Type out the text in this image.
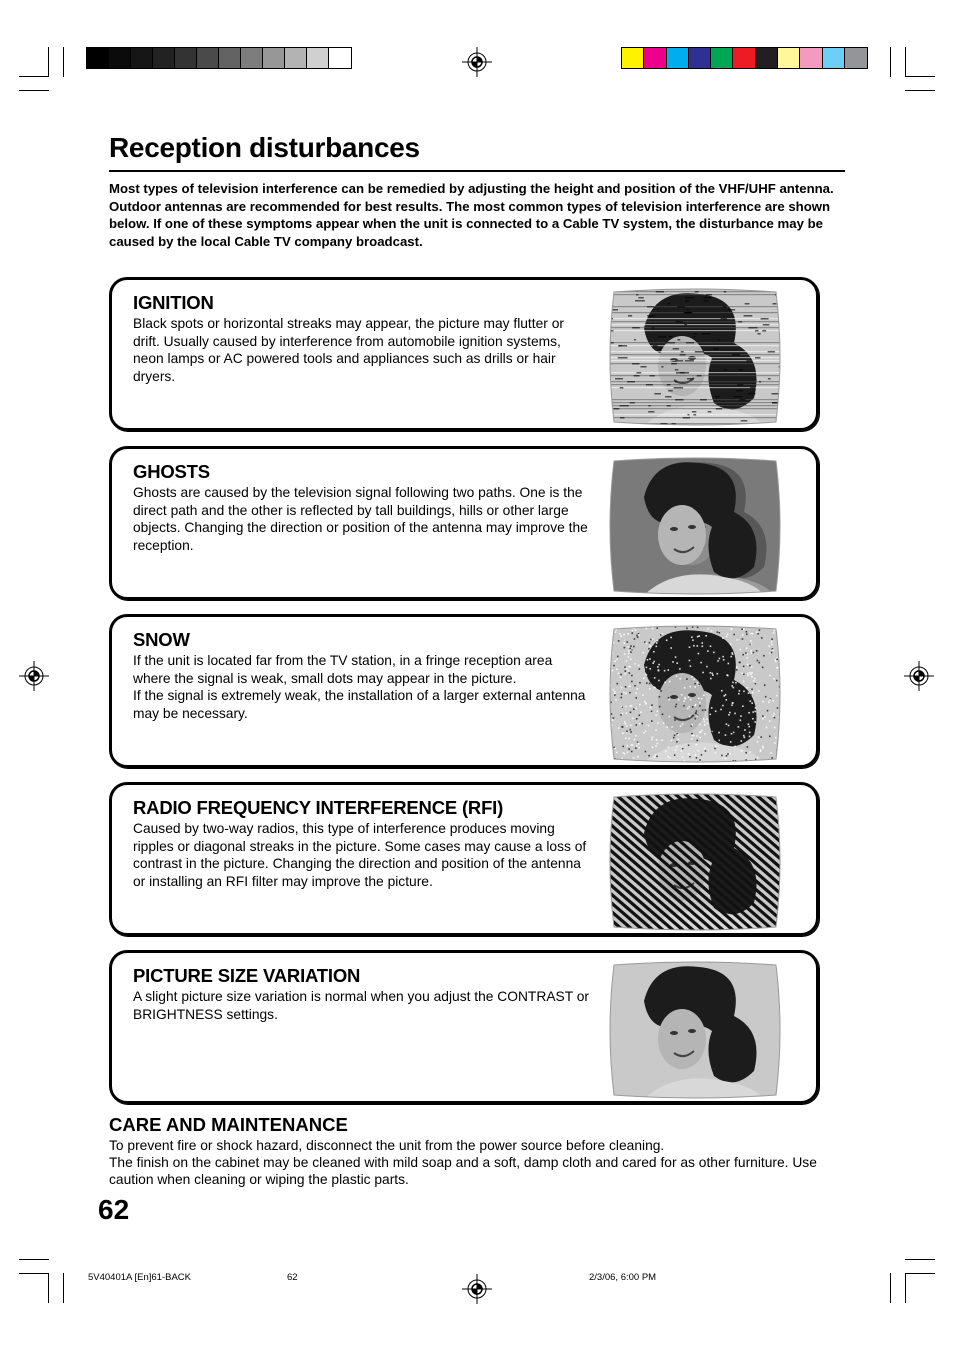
Reception disturbances

Most types of television interference can be remedied by adjusting the height and position of the VHF/UHF antenna. Outdoor antennas are recommended for best results. The most common types of television interference are shown below. If one of these symptoms appear when the unit is connected to a Cable TV system, the disturbance may be caused by the local Cable TV company broadcast.

IGNITION

Black spots or horizontal streaks may appear, the picture may flutter or drift. Usually caused by interference from automobile ignition systems, neon lamps or AC powered tools and appliances such as drills or hair dryers.

GHOSTS

Ghosts are caused by the television signal following two paths. One is the direct path and the other is reflected by tall buildings, hills or other large objects. Changing the direction or position of the antenna may improve the reception.

SNOW

If the unit is located far from the TV station, in a fringe reception area where the signal is weak, small dots may appear in the picture.
If the signal is extremely weak, the installation of a larger external antenna may be necessary.

RADIO FREQUENCY INTERFERENCE (RFI)

Caused by two-way radios, this type of interference produces moving ripples or diagonal streaks in the picture. Some cases may cause a loss of contrast in the picture. Changing the direction and position of the antenna or installing an RFI filter may improve the picture.

PICTURE SIZE VARIATION

A slight picture size variation is normal when you adjust the CONTRAST or BRIGHTNESS settings.

CARE AND MAINTENANCE

To prevent fire or shock hazard, disconnect the unit from the power source before cleaning.
The finish on the cabinet may be cleaned with mild soap and a soft, damp cloth and cared for as other furniture. Use caution when cleaning or wiping the plastic parts.

62
5V40401A [En]61-BACK	62	2/3/06, 6:00 PM
